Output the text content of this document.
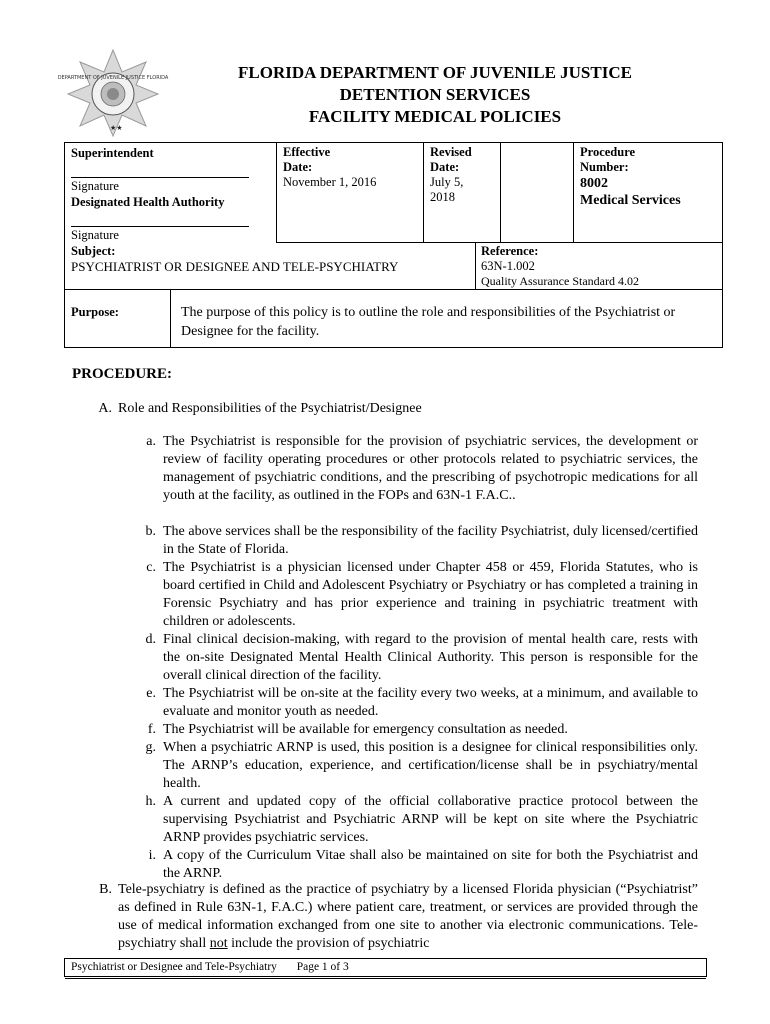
DEPARTMENT OF JUVENILE JUSTICE FLORIDA
★★
FLORIDA DEPARTMENT OF JUVENILE JUSTICE
DETENTION SERVICES
FACILITY MEDICAL POLICIES
Superintendent
Signature
Designated Health Authority
Signature
Effective
Date:
November 1, 2016
Revised
Date:
July 5,
2018
Procedure
Number:
8002
Medical Services
Subject:
PSYCHIATRIST OR DESIGNEE AND TELE-PSYCHIATRY
Reference:
63N-1.002
Quality Assurance Standard 4.02
Purpose:	The purpose of this policy is to outline the role and responsibilities of the Psychiatrist or Designee for the facility.
PROCEDURE:
A. Role and Responsibilities of the Psychiatrist/Designee
a. The Psychiatrist is responsible for the provision of psychiatric services, the development or review of facility operating procedures or other protocols related to psychiatric services, the management of psychiatric conditions, and the prescribing of psychotropic medications for all youth at the facility, as outlined in the FOPs and 63N-1 F.A.C..
b. The above services shall be the responsibility of the facility Psychiatrist, duly licensed/certified in the State of Florida.
c. The Psychiatrist is a physician licensed under Chapter 458 or 459, Florida Statutes, who is board certified in Child and Adolescent Psychiatry or Psychiatry or has completed a training in Forensic Psychiatry and has prior experience and training in psychiatric treatment with children or adolescents.
d. Final clinical decision-making, with regard to the provision of mental health care, rests with the on-site Designated Mental Health Clinical Authority. This person is responsible for the overall clinical direction of the facility.
e. The Psychiatrist will be on-site at the facility every two weeks, at a minimum, and available to evaluate and monitor youth as needed.
f. The Psychiatrist will be available for emergency consultation as needed.
g. When a psychiatric ARNP is used, this position is a designee for clinical responsibilities only. The ARNP’s education, experience, and certification/license shall be in psychiatry/mental health.
h. A current and updated copy of the official collaborative practice protocol between the supervising Psychiatrist and Psychiatric ARNP will be kept on site where the Psychiatric ARNP provides psychiatric services.
i. A copy of the Curriculum Vitae shall also be maintained on site for both the Psychiatrist and the ARNP.
B. Tele-psychiatry is defined as the practice of psychiatry by a licensed Florida physician (“Psychiatrist” as defined in Rule 63N-1, F.A.C.) where patient care, treatment, or services are provided through the use of medical information exchanged from one site to another via electronic communications. Tele-psychiatry shall not include the provision of psychiatric
Psychiatrist or Designee and Tele-Psychiatry Page 1 of 3
